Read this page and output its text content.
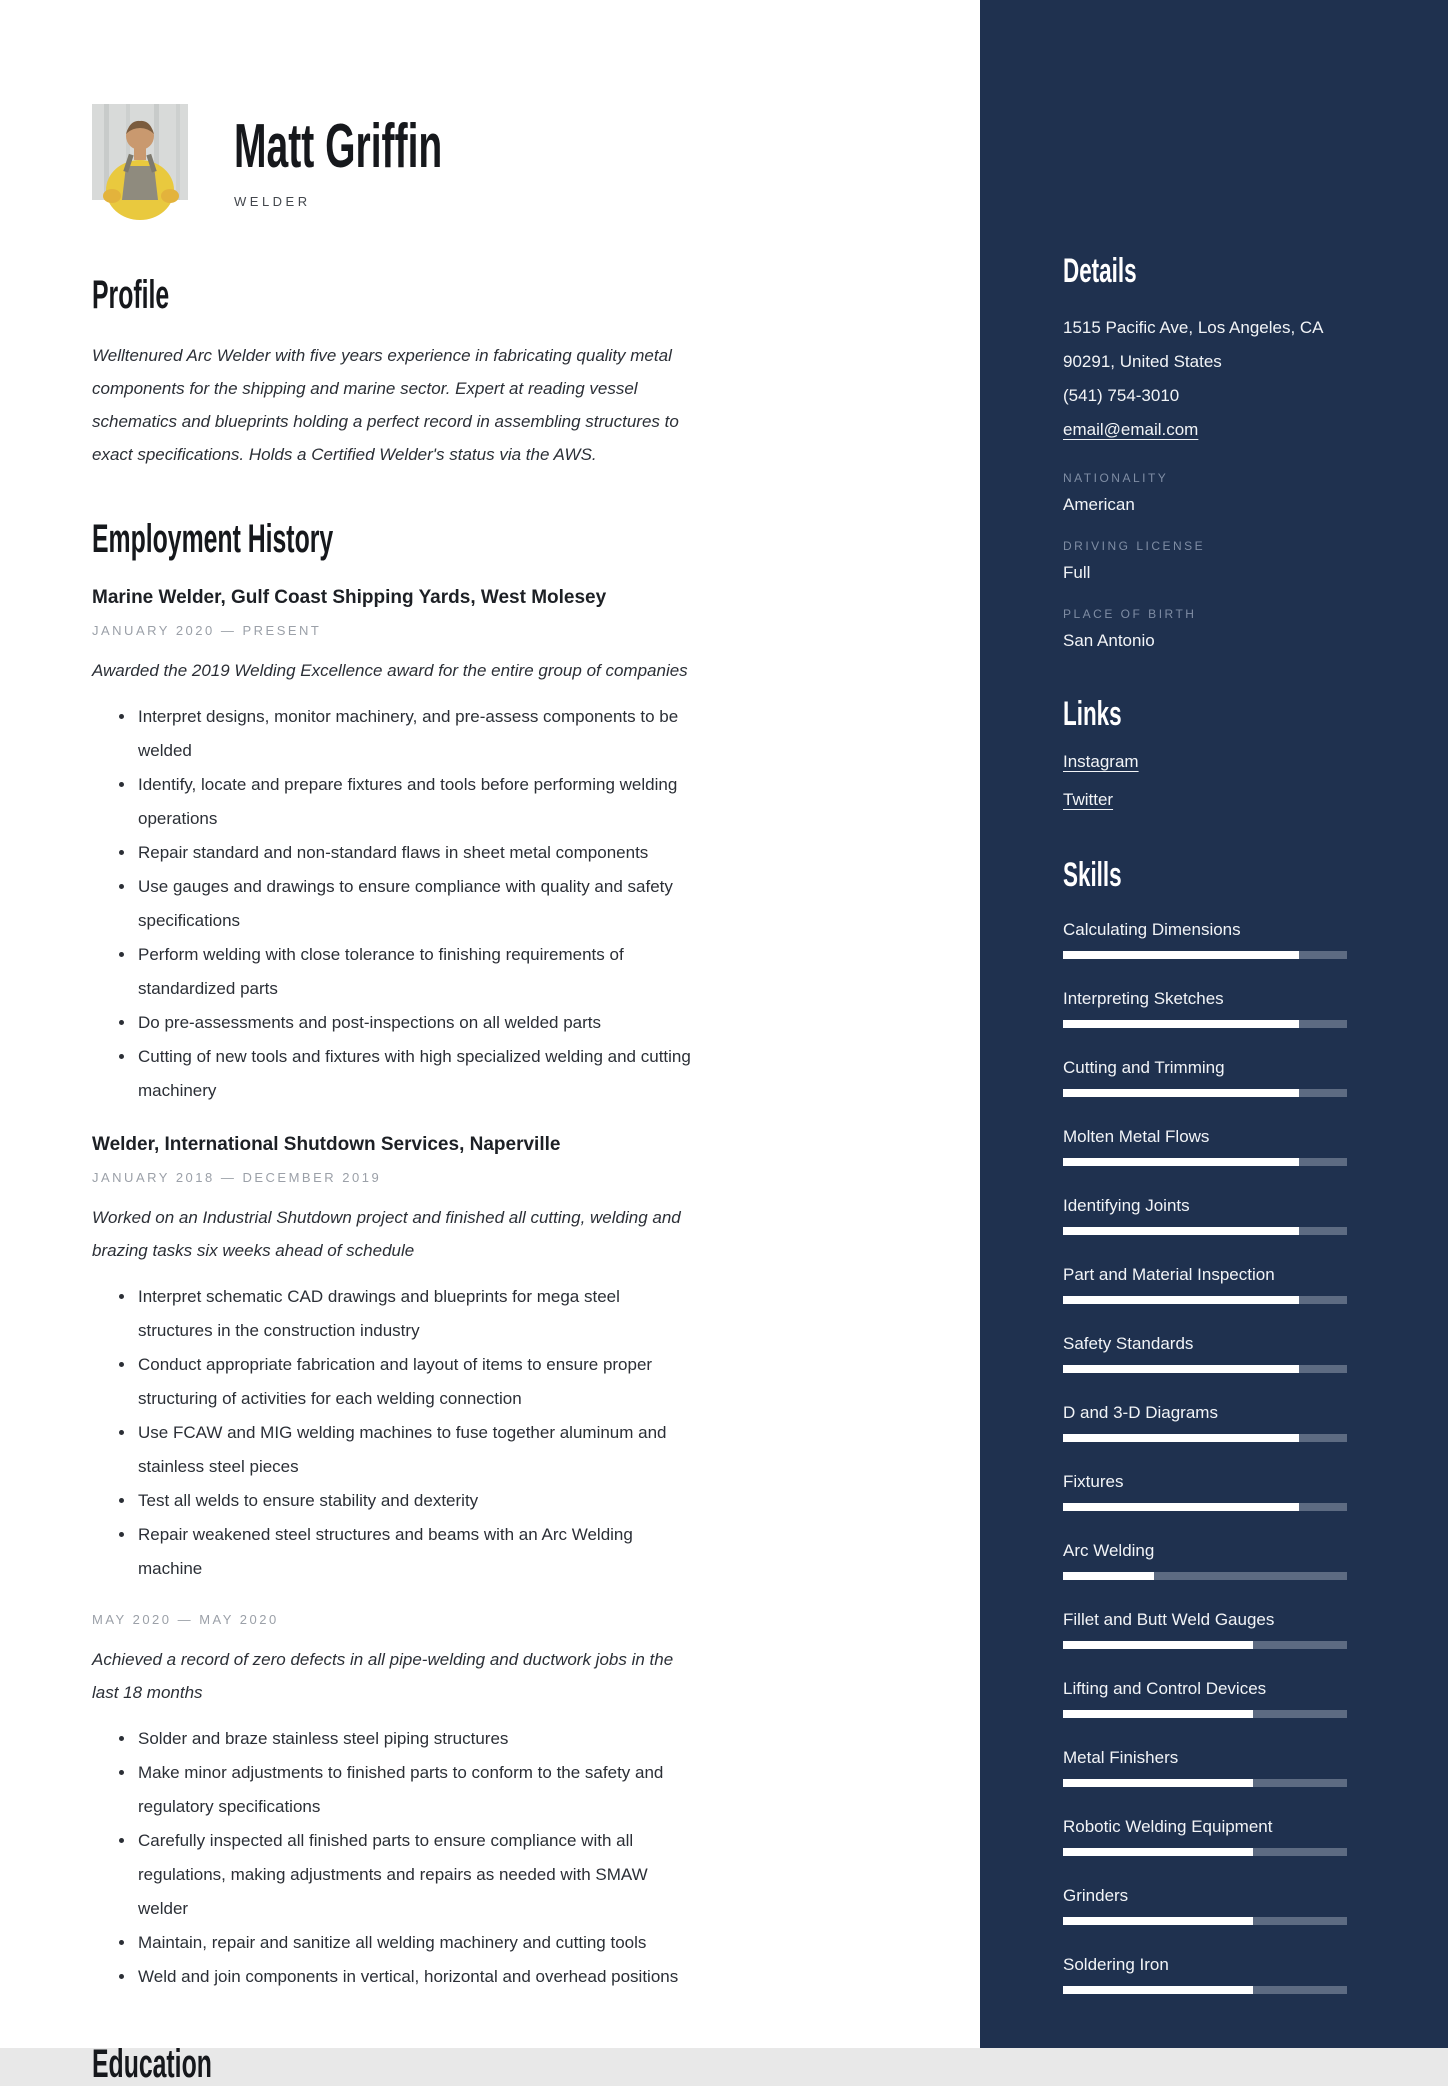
Matt Griffin
WELDER
Profile

Welltenured Arc Welder with five years experience in fabricating quality metal components for the shipping and marine sector. Expert at reading vessel schematics and blueprints holding a perfect record in assembling structures to exact specifications. Holds a Certified Welder's status via the AWS.

Employment History
Marine Welder, Gulf Coast Shipping Yards, West Molesey
JANUARY 2020 — PRESENT
Awarded the 2019 Welding Excellence award for the entire group of companies
• Interpret designs, monitor machinery, and pre-assess components to be welded
• Identify, locate and prepare fixtures and tools before performing welding operations
• Repair standard and non-standard flaws in sheet metal components
• Use gauges and drawings to ensure compliance with quality and safety specifications
• Perform welding with close tolerance to finishing requirements of standardized parts
• Do pre-assessments and post-inspections on all welded parts
• Cutting of new tools and fixtures with high specialized welding and cutting machinery
Welder, International Shutdown Services, Naperville
JANUARY 2018 — DECEMBER 2019
Worked on an Industrial Shutdown project and finished all cutting, welding and brazing tasks six weeks ahead of schedule
• Interpret schematic CAD drawings and blueprints for mega steel structures in the construction industry
• Conduct appropriate fabrication and layout of items to ensure proper structuring of activities for each welding connection
• Use FCAW and MIG welding machines to fuse together aluminum and stainless steel pieces
• Test all welds to ensure stability and dexterity
• Repair weakened steel structures and beams with an Arc Welding machine
MAY 2020 — MAY 2020
Achieved a record of zero defects in all pipe-welding and ductwork jobs in the last 18 months
• Solder and braze stainless steel piping structures
• Make minor adjustments to finished parts to conform to the safety and regulatory specifications
• Carefully inspected all finished parts to ensure compliance with all regulations, making adjustments and repairs as needed with SMAW welder
• Maintain, repair and sanitize all welding machinery and cutting tools
• Weld and join components in vertical, horizontal and overhead positions
Education
Details
1515 Pacific Ave, Los Angeles, CA
90291, United States
(541) 754-3010
email@email.com
NATIONALITY
American
DRIVING LICENSE
Full
PLACE OF BIRTH
San Antonio
Links
Instagram
Twitter
Skills
Calculating Dimensions
Interpreting Sketches
Cutting and Trimming
Molten Metal Flows
Identifying Joints
Part and Material Inspection
Safety Standards
D and 3-D Diagrams
Fixtures
Arc Welding
Fillet and Butt Weld Gauges
Lifting and Control Devices
Metal Finishers
Robotic Welding Equipment
Grinders
Soldering Iron
